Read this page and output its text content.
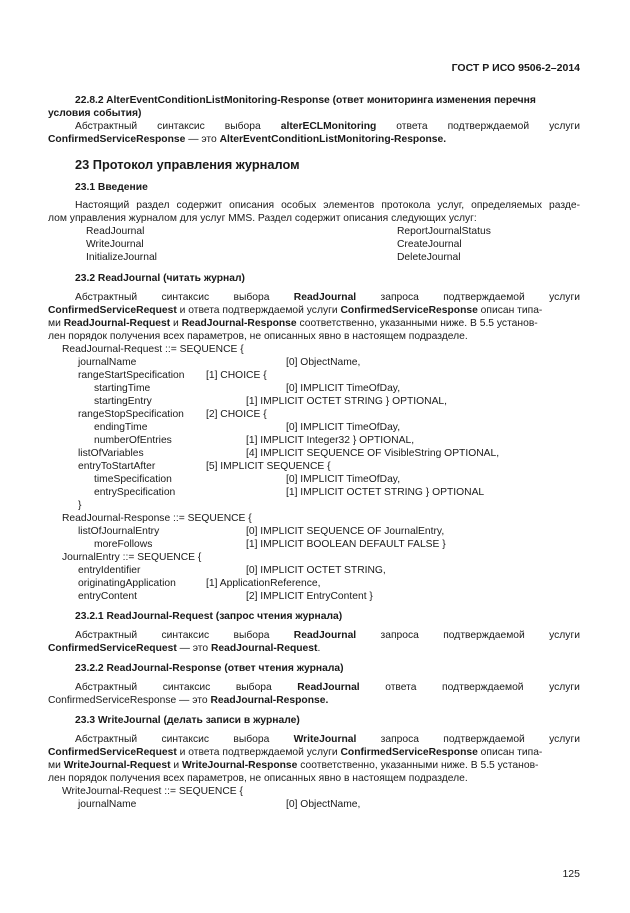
ГОСТ Р ИСО 9506-2–2014

22.8.2 AlterEventConditionListMonitoring-Response (ответ мониторинга изменения перечня условия события)

Абстрактный синтаксис выбора alterECLMonitoring ответа подтверждаемой услуги

ConfirmedServiceResponse — это AlterEventConditionListMonitoring-Response.

23 Протокол управления журналом
23.1 Введение

Настоящий раздел содержит описания особых элементов протокола услуг, определяемых разде-

лом управления журналом для услуг MMS. Раздел содержит описания следующих услуг:

ReadJournal	ReportJournalStatus
WriteJournal	CreateJournal
InitializeJournal	DeleteJournal
23.2 ReadJournal (читать журнал)

Абстрактный синтаксис выбора ReadJournal запроса подтверждаемой услуги

ConfirmedServiceRequest и ответа подтверждаемой услуги ConfirmedServiceResponse описан типа-

ми ReadJournal-Request и ReadJournal-Response соответственно, указанными ниже. В 5.5 установ-

лен порядок получения всех параметров, не описанных явно в настоящем подразделе.

ReadJournal-Request ::= SEQUENCE {
journalName	[0] ObjectName,
rangeStartSpecification [1] CHOICE {
startingTime	[0] IMPLICIT TimeOfDay,
startingEntry	[1] IMPLICIT OCTET STRING } OPTIONAL,
rangeStopSpecification [2] CHOICE {
endingTime	[0] IMPLICIT TimeOfDay,
numberOfEntries	[1] IMPLICIT Integer32 } OPTIONAL,
listOfVariables	[4] IMPLICIT SEQUENCE OF VisibleString OPTIONAL,
entryToStartAfter	[5] IMPLICIT SEQUENCE {
timeSpecification	[0] IMPLICIT TimeOfDay,
entrySpecification	[1] IMPLICIT OCTET STRING } OPTIONAL
}
ReadJournal-Response ::= SEQUENCE {
listOfJournalEntry	[0] IMPLICIT SEQUENCE OF JournalEntry,
moreFollows	[1] IMPLICIT BOOLEAN DEFAULT FALSE }
JournalEntry ::= SEQUENCE {
entryIdentifier	[0] IMPLICIT OCTET STRING,
originatingApplication	[1] ApplicationReference,
entryContent	[2] IMPLICIT EntryContent }
23.2.1 ReadJournal-Request (запрос чтения журнала)

Абстрактный синтаксис выбора ReadJournal запроса подтверждаемой услуги

ConfirmedServiceRequest — это ReadJournal-Request.

23.2.2 ReadJournal-Response (ответ чтения журнала)

Абстрактный синтаксис выбора ReadJournal ответа подтверждаемой услуги

ConfirmedServiceResponse — это ReadJournal-Response.

23.3 WriteJournal (делать записи в журнале)

Абстрактный синтаксис выбора WriteJournal запроса подтверждаемой услуги

ConfirmedServiceRequest и ответа подтверждаемой услуги ConfirmedServiceResponse описан типа-

ми WriteJournal-Request и WriteJournal-Response соответственно, указанными ниже. В 5.5 установ-

лен порядок получения всех параметров, не описанных явно в настоящем подразделе.

WriteJournal-Request ::= SEQUENCE {
journalName	[0] ObjectName,
125
